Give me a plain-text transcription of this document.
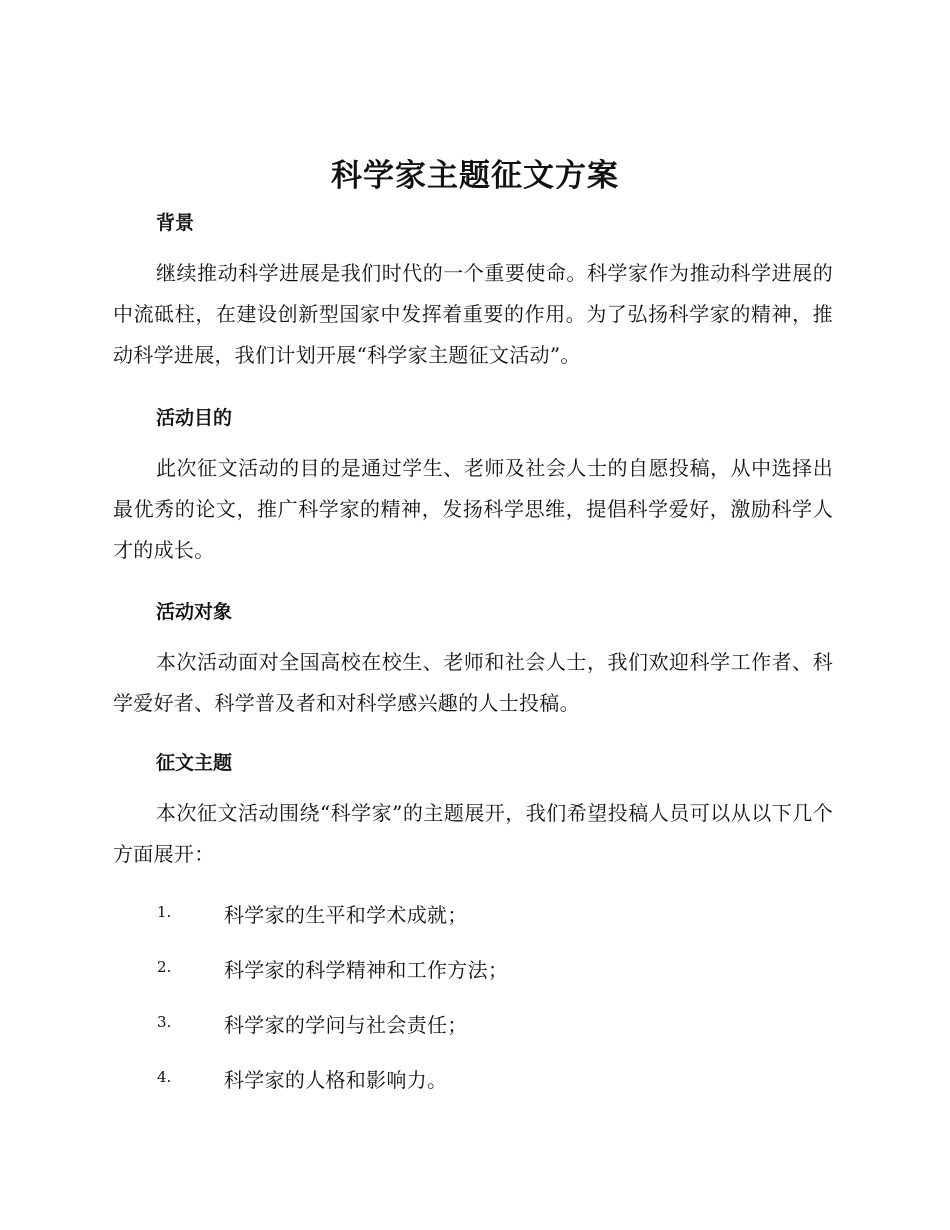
科学家主题征文方案
背景

继续推动科学进展是我们时代的一个重要使命。科学家作为推动科学进展的中流砥柱，在建设创新型国家中发挥着重要的作用。为了弘扬科学家的精神，推动科学进展，我们计划开展“科学家主题征文活动”。

活动目的

此次征文活动的目的是通过学生、老师及社会人士的自愿投稿，从中选择出最优秀的论文，推广科学家的精神，发扬科学思维，提倡科学爱好，激励科学人才的成长。

活动对象

本次活动面对全国高校在校生、老师和社会人士，我们欢迎科学工作者、科学爱好者、科学普及者和对科学感兴趣的人士投稿。

征文主题

本次征文活动围绕“科学家”的主题展开，我们希望投稿人员可以从以下几个方面展开：

1.	科学家的生平和学术成就；
2.	科学家的科学精神和工作方法；
3.	科学家的学问与社会责任；
4.	科学家的人格和影响力。
